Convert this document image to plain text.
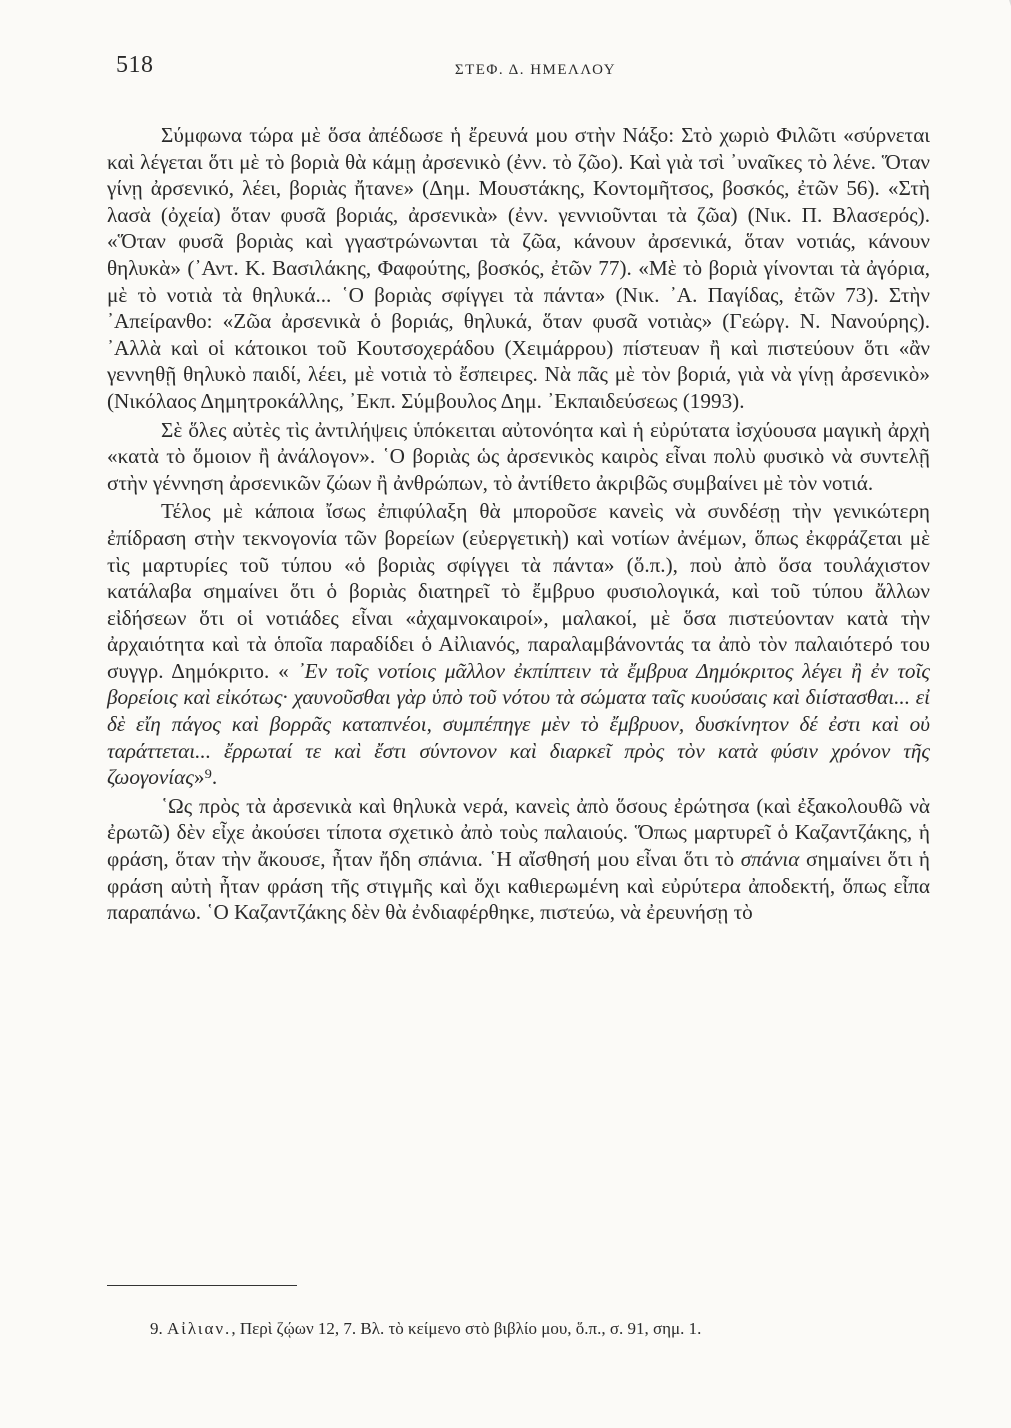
518	ΣΤΕΦ. Δ. ΗΜΕΛΛΟΥ

Σύμφωνα τώρα μὲ ὅσα ἀπέδωσε ἡ ἔρευνά μου στὴν Νάξο: Στὸ χωριὸ Φιλῶτι «σύρνεται καὶ λέγεται ὅτι μὲ τὸ βοριὰ θὰ κάμῃ ἀρσενικὸ (ἐνν. τὸ ζῶο). Καὶ γιὰ τσὶ ᾿υναῖκες τὸ λένε. Ὅταν γίνῃ ἀρσενικό, λέει, βοριὰς ἤτανε» (Δημ. Μουστάκης, Κοντομῆτσος, βοσκός, ἐτῶν 56). «Στὴ λασὰ (ὀχεία) ὅταν φυσᾶ βοριάς, ἀρσενικὰ» (ἐνν. γεννιοῦνται τὰ ζῶα) (Νικ. Π. Βλασερός). «Ὅταν φυσᾶ βοριὰς καὶ γγαστρώνωνται τὰ ζῶα, κάνουν ἀρσενικά, ὅταν νοτιάς, κάνουν θηλυκὰ» (᾿Αντ. Κ. Βασιλάκης, Φαφούτης, βοσκός, ἐτῶν 77). «Μὲ τὸ βοριὰ γίνονται τὰ ἀγόρια, μὲ τὸ νοτιὰ τὰ θηλυκά... ῾Ο βοριὰς σφίγγει τὰ πάντα» (Νικ. ᾿Α. Παγίδας, ἐτῶν 73). Στὴν ᾿Απείρανθο: «Ζῶα ἀρσενικὰ ὁ βοριάς, θηλυκά, ὅταν φυσᾶ νοτιὰς» (Γεώργ. Ν. Νανούρης). ᾿Αλλὰ καὶ οἱ κάτοικοι τοῦ Κουτσοχεράδου (Χειμάρρου) πίστευαν ἢ καὶ πιστεύουν ὅτι «ἂν γεννηθῇ θηλυκὸ παιδί, λέει, μὲ νοτιὰ τὸ ἔσπειρες. Νὰ πᾶς μὲ τὸν βοριά, γιὰ νὰ γίνῃ ἀρσενικὸ» (Νικόλαος Δημητροκάλλης, ᾿Εκπ. Σύμβουλος Δημ. ᾿Εκπαιδεύσεως (1993).

Σὲ ὅλες αὐτὲς τὶς ἀντιλήψεις ὑπόκειται αὐτονόητα καὶ ἡ εὐρύτατα ἰσχύουσα μαγικὴ ἀρχὴ «κατὰ τὸ ὅμοιον ἢ ἀνάλογον». ῾Ο βοριὰς ὡς ἀρσενικὸς καιρὸς εἶναι πολὺ φυσικὸ νὰ συντελῇ στὴν γέννηση ἀρσενικῶν ζώων ἢ ἀνθρώπων, τὸ ἀντίθετο ἀκριβῶς συμβαίνει μὲ τὸν νοτιά.

Τέλος μὲ κάποια ἴσως ἐπιφύλαξη θὰ μποροῦσε κανεὶς νὰ συνδέσῃ τὴν γενικώτερη ἐπίδραση στὴν τεκνογονία τῶν βορείων (εὐεργετικὴ) καὶ νοτίων ἀνέμων, ὅπως ἐκφράζεται μὲ τὶς μαρτυρίες τοῦ τύπου «ὁ βοριὰς σφίγγει τὰ πάντα» (ὅ.π.), ποὺ ἀπὸ ὅσα τουλάχιστον κατάλαβα σημαίνει ὅτι ὁ βοριὰς διατηρεῖ τὸ ἔμβρυο φυσιολογικά, καὶ τοῦ τύπου ἄλλων εἰδήσεων ὅτι οἱ νοτιάδες εἶναι «ἀχαμνοκαιροί», μαλακοί, μὲ ὅσα πιστεύονταν κατὰ τὴν ἀρχαιότητα καὶ τὰ ὁποῖα παραδίδει ὁ Αἰλιανός, παραλαμβάνοντάς τα ἀπὸ τὸν παλαιότερό του συγγρ. Δημόκριτο. « ᾿Εν τοῖς νοτίοις μᾶλλον ἐκπίπτειν τὰ ἔμβρυα Δημόκριτος λέγει ἢ ἐν τοῖς βορείοις καὶ εἰκότως· χαυνοῦσθαι γὰρ ὑπὸ τοῦ νότου τὰ σώματα ταῖς κυούσαις καὶ διίστασθαι... εἰ δὲ εἴη πάγος καὶ βορρᾶς καταπνέοι, συμπέπηγε μὲν τὸ ἔμβρυον, δυσκίνητον δέ ἐστι καὶ οὐ ταράττεται... ἔρρωταί τε καὶ ἔστι σύντονον καὶ διαρκεῖ πρὸς τὸν κατὰ φύσιν χρόνον τῆς ζωογονίας»⁹.

῾Ως πρὸς τὰ ἀρσενικὰ καὶ θηλυκὰ νερά, κανεὶς ἀπὸ ὅσους ἐρώτησα (καὶ ἐξακολουθῶ νὰ ἐρωτῶ) δὲν εἶχε ἀκούσει τίποτα σχετικὸ ἀπὸ τοὺς παλαιούς. Ὅπως μαρτυρεῖ ὁ Καζαντζάκης, ἡ φράση, ὅταν τὴν ἄκουσε, ἦταν ἤδη σπάνια. ῾Η αἴσθησή μου εἶναι ὅτι τὸ σπάνια σημαίνει ὅτι ἡ φράση αὐτὴ ἦταν φράση τῆς στιγμῆς καὶ ὄχι καθιερωμένη καὶ εὐρύτερα ἀποδεκτή, ὅπως εἶπα παραπάνω. ῾Ο Καζαντζάκης δὲν θὰ ἐνδιαφέρθηκε, πιστεύω, νὰ ἐρευνήσῃ τὸ

9. Αἰλιαν., Περὶ ζῴων 12, 7. Βλ. τὸ κείμενο στὸ βιβλίο μου, ὅ.π., σ. 91, σημ. 1.
